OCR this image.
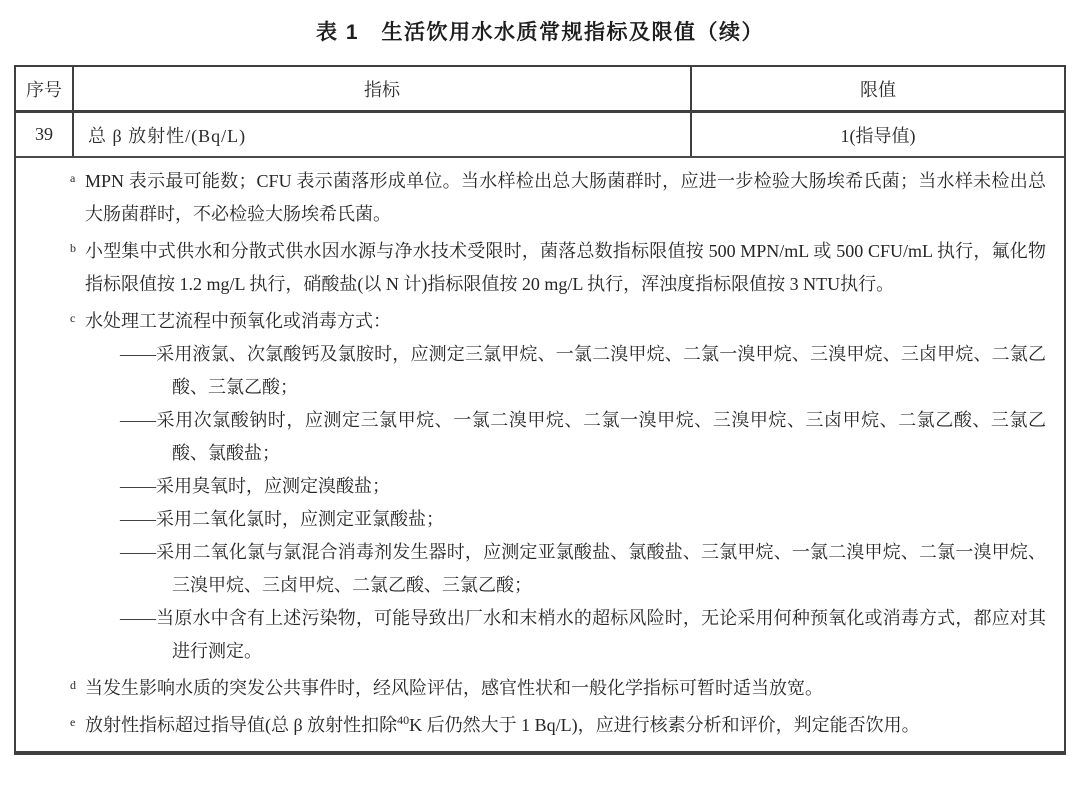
表 1　生活饮用水水质常规指标及限值（续）
序号	指标	限值
39	总 β 放射性/(Bq/L)	1(指导值)
a MPN 表示最可能数；CFU 表示菌落形成单位。当水样检出总大肠菌群时，应进一步检验大肠埃希氏菌；当水样未检出总大肠菌群时，不必检验大肠埃希氏菌。
b 小型集中式供水和分散式供水因水源与净水技术受限时，菌落总数指标限值按 500 MPN/mL 或 500 CFU/mL 执行，氟化物指标限值按 1.2 mg/L 执行，硝酸盐(以 N 计)指标限值按 20 mg/L 执行，浑浊度指标限值按 3 NTU执行。
c 水处理工艺流程中预氧化或消毒方式：
——采用液氯、次氯酸钙及氯胺时，应测定三氯甲烷、一氯二溴甲烷、二氯一溴甲烷、三溴甲烷、三卤甲烷、二氯乙酸、三氯乙酸；
——采用次氯酸钠时，应测定三氯甲烷、一氯二溴甲烷、二氯一溴甲烷、三溴甲烷、三卤甲烷、二氯乙酸、三氯乙酸、氯酸盐；
——采用臭氧时，应测定溴酸盐；
——采用二氧化氯时，应测定亚氯酸盐；
——采用二氧化氯与氯混合消毒剂发生器时，应测定亚氯酸盐、氯酸盐、三氯甲烷、一氯二溴甲烷、二氯一溴甲烷、三溴甲烷、三卤甲烷、二氯乙酸、三氯乙酸；
——当原水中含有上述污染物，可能导致出厂水和末梢水的超标风险时，无论采用何种预氧化或消毒方式，都应对其进行测定。
d 当发生影响水质的突发公共事件时，经风险评估，感官性状和一般化学指标可暂时适当放宽。
e 放射性指标超过指导值(总 β 放射性扣除$^{40}$K 后仍然大于 1 Bq/L)，应进行核素分析和评价，判定能否饮用。
